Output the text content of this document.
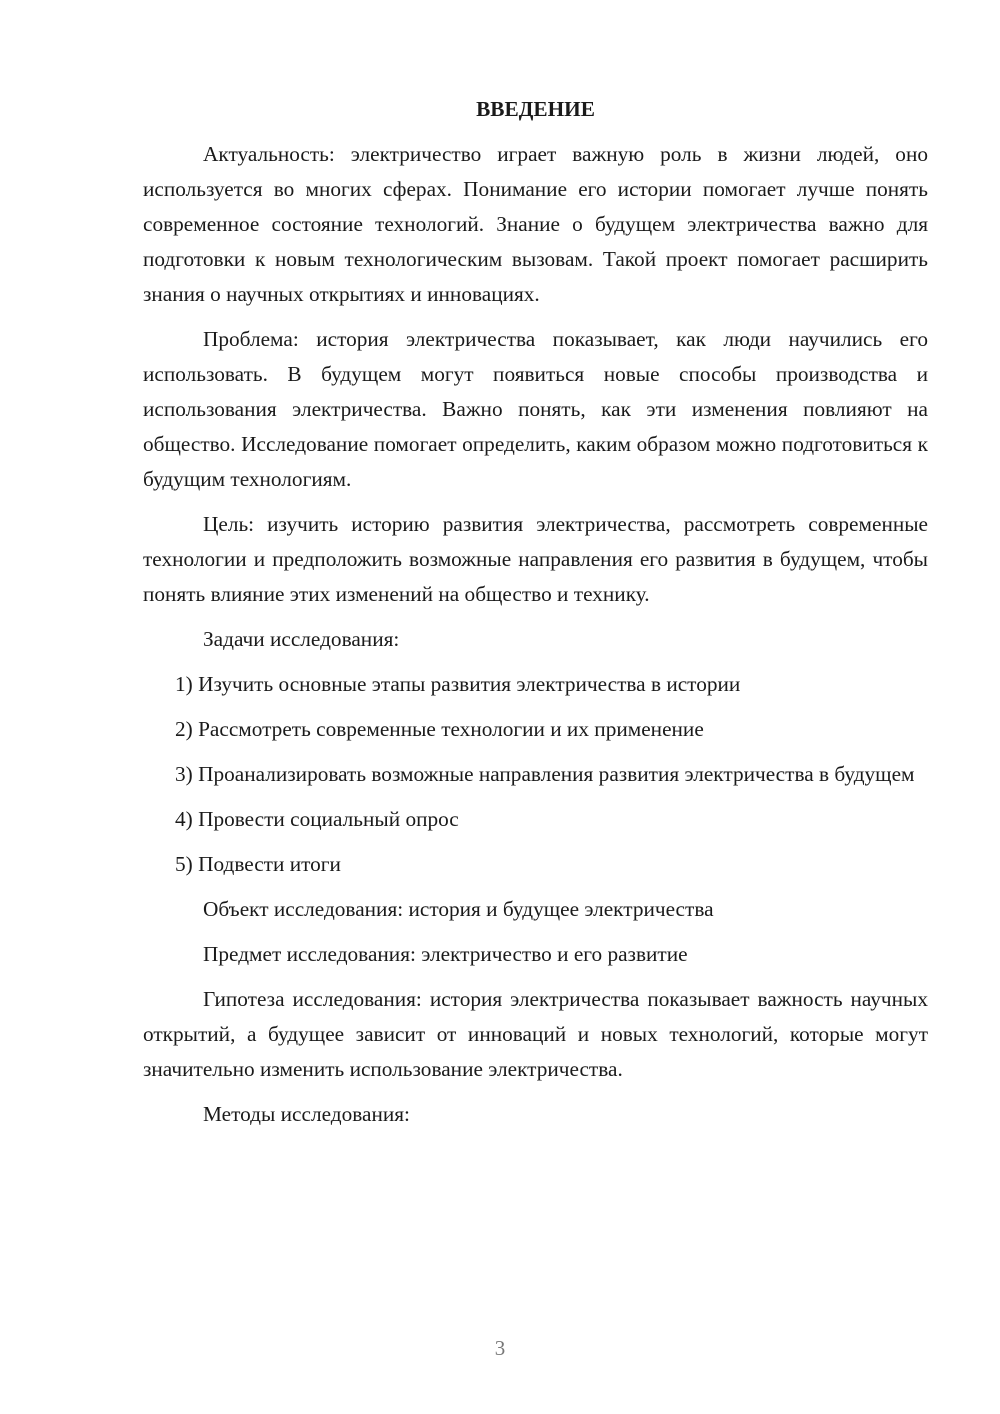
ВВЕДЕНИЕ

Актуальность: электричество играет важную роль в жизни людей, оно используется во многих сферах. Понимание его истории помогает лучше понять современное состояние технологий. Знание о будущем электричества важно для подготовки к новым технологическим вызовам. Такой проект помогает расширить знания о научных открытиях и инновациях.

Проблема: история электричества показывает, как люди научились его использовать. В будущем могут появиться новые способы производства и использования электричества. Важно понять, как эти изменения повлияют на общество. Исследование помогает определить, каким образом можно подготовиться к будущим технологиям.

Цель: изучить историю развития электричества, рассмотреть современные технологии и предположить возможные направления его развития в будущем, чтобы понять влияние этих изменений на общество и технику.

Задачи исследования:

1) Изучить основные этапы развития электричества в истории

2) Рассмотреть современные технологии и их применение

3) Проанализировать возможные направления развития электричества в будущем

4) Провести социальный опрос

5) Подвести итоги

Объект исследования: история и будущее электричества

Предмет исследования: электричество и его развитие

Гипотеза исследования: история электричества показывает важность научных открытий, а будущее зависит от инноваций и новых технологий, которые могут значительно изменить использование электричества.

Методы исследования:

3
